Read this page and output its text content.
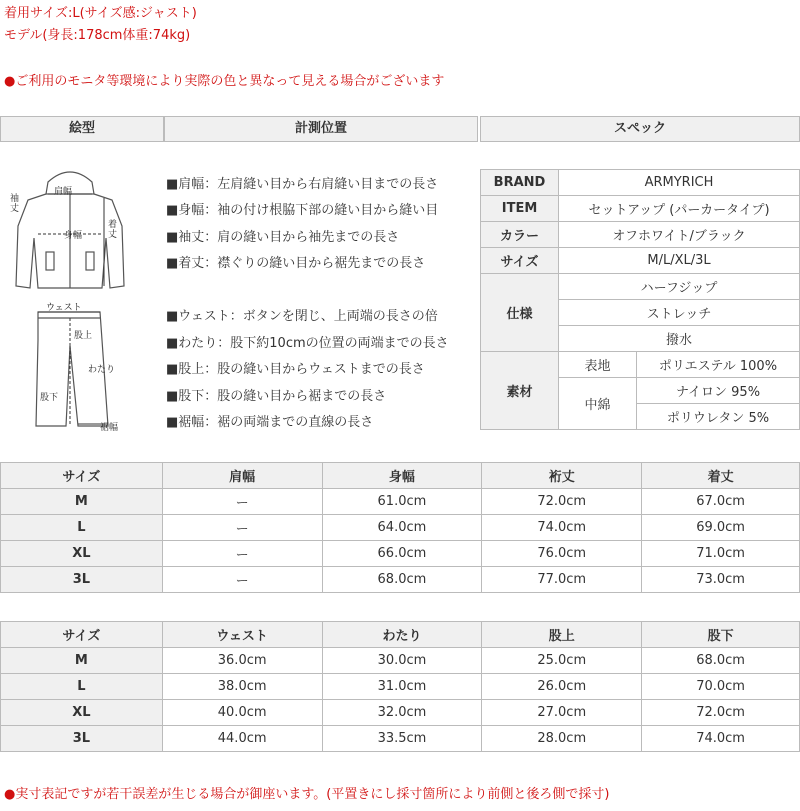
着用サイズ:L(サイズ感:ジャスト)
モデル(身長:178cm体重:74kg)
●ご利用のモニタ等環境により実際の色と異なって見える場合がございます
絵型	計測位置	スペック
肩幅
袖丈
身幅
着丈
ウェスト
股上
わたり
股下
裾幅
■肩幅：左肩縫い目から右肩縫い目までの長さ
■身幅：袖の付け根脇下部の縫い目から縫い目
■袖丈：肩の縫い目から袖先までの長さ
■着丈：襟ぐりの縫い目から裾先までの長さ
■ウェスト：ボタンを閉じ、上両端の長さの倍
■わたり：股下約10cmの位置の両端までの長さ
■股上：股の縫い目からウェストまでの長さ
■股下：股の縫い目から裾までの長さ
■裾幅：裾の両端までの直線の長さ
BRAND	ARMYRICH	
ITEM	セットアップ (パーカータイプ)	
カラー	オフホワイト/ブラック	
サイズ	M/L/XL/3L	
仕様	ハーフジップ	
	ストレッチ	
	撥水	
素材	表地	ポリエステル 100%
	中綿	ナイロン 95%
		ポリウレタン 5%
サイズ	肩幅	身幅	裄丈	着丈
M	ー	61.0cm	72.0cm	67.0cm
L	ー	64.0cm	74.0cm	69.0cm
XL	ー	66.0cm	76.0cm	71.0cm
3L	ー	68.0cm	77.0cm	73.0cm
サイズ	ウェスト	わたり	股上	股下
M	36.0cm	30.0cm	25.0cm	68.0cm
L	38.0cm	31.0cm	26.0cm	70.0cm
XL	40.0cm	32.0cm	27.0cm	72.0cm
3L	44.0cm	33.5cm	28.0cm	74.0cm
●実寸表記ですが若干誤差が生じる場合が御座います。(平置きにし採寸箇所により前側と後ろ側で採寸)
